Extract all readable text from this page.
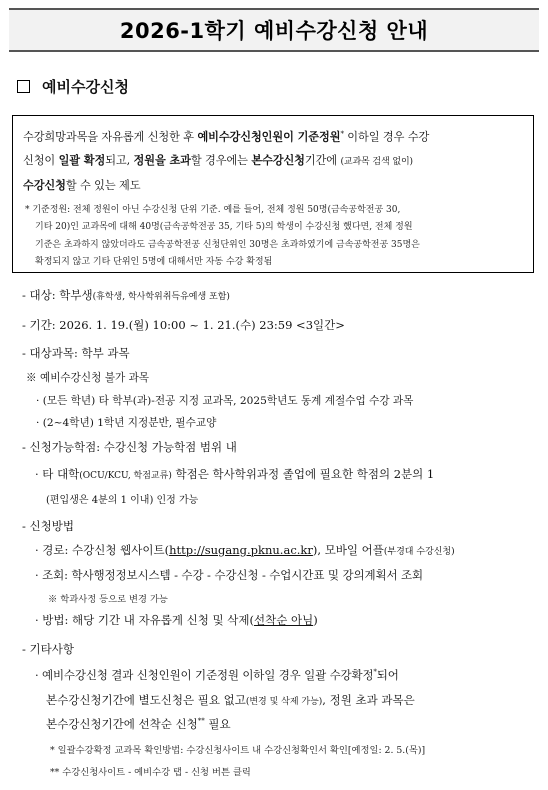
2026-1학기 예비수강신청 안내
예비수강신청

수강희망과목을 자유롭게 신청한 후 예비수강신청인원이 기준정원* 이하일 경우 수강
신청이 일괄 확정되고, 정원을 초과할 경우에는 본수강신청기간에 (교과목 검색 없이)
수강신청할 수 있는 제도

* 기준정원: 전체 정원이 아닌 수강신청 단위 기준. 예를 들어, 전체 정원 50명(금속공학전공 30,
기타 20)인 교과목에 대해 40명(금속공학전공 35, 기타 5)의 학생이 수강신청 했다면, 전체 정원
기준은 초과하지 않았더라도 금속공학전공 신청단위인 30명은 초과하였기에 금속공학전공 35명은
확정되지 않고 기타 단위인 5명에 대해서만 자동 수강 확정됨

- 대상: 학부생(휴학생, 학사학위취득유예생 포함)
- 기간: 2026. 1. 19.(월) 10:00 ~ 1. 21.(수) 23:59 <3일간>
- 대상과목: 학부 과목
※ 예비수강신청 불가 과목
· (모든 학년) 타 학부(과)-전공 지정 교과목, 2025학년도 동계 계절수업 수강 과목
· (2~4학년) 1학년 지정분반, 필수교양
- 신청가능학점: 수강신청 가능학점 범위 내
· 타 대학(OCU/KCU, 학점교류) 학점은 학사학위과정 졸업에 필요한 학점의 2분의 1
(편입생은 4분의 1 이내) 인정 가능
- 신청방법
· 경로: 수강신청 웹사이트(http://sugang.pknu.ac.kr), 모바일 어플(부경대 수강신청)
· 조회: 학사행정정보시스템 - 수강 - 수강신청 - 수업시간표 및 강의계획서 조회
※ 학과사정 등으로 변경 가능
· 방법: 해당 기간 내 자유롭게 신청 및 삭제(선착순 아님)
- 기타사항
· 예비수강신청 결과 신청인원이 기준정원 이하일 경우 일괄 수강확정*되어
본수강신청기간에 별도신청은 필요 없고(변경 및 삭제 가능), 정원 초과 과목은
본수강신청기간에 선착순 신청** 필요
* 일괄수강확정 교과목 확인방법: 수강신청사이트 내 수강신청확인서 확인[예정일: 2. 5.(목)]
** 수강신청사이트 - 예비수강 탭 - 신청 버튼 클릭
